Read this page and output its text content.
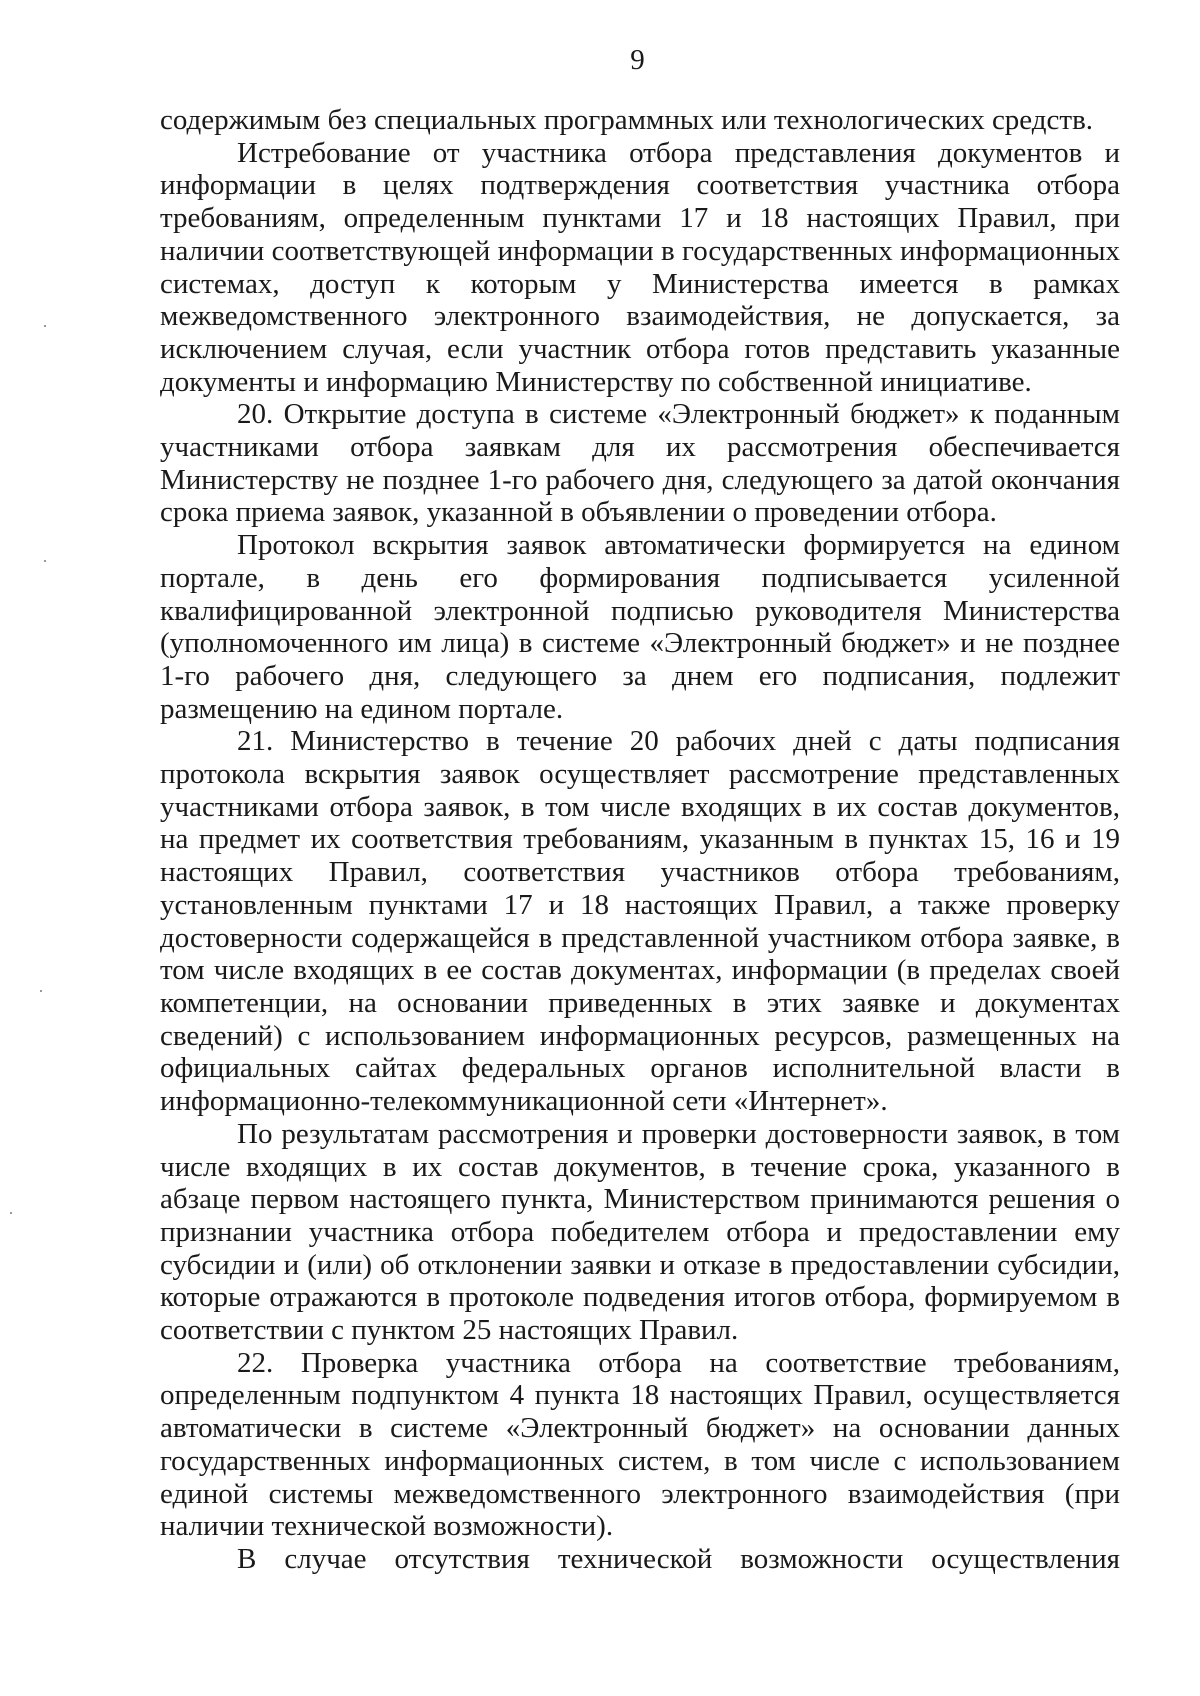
9

содержимым без специальных программных или технологических средств.

Истребование от участника отбора представления документов и информации в целях подтверждения соответствия участника отбора требованиям, определенным пунктами 17 и 18 настоящих Правил, при наличии соответствующей информации в государственных информационных системах, доступ к которым у Министерства имеется в рамках межведомственного электронного взаимодействия, не допускается, за исключением случая, если участник отбора готов представить указанные документы и информацию Министерству по собственной инициативе.

20. Открытие доступа в системе «Электронный бюджет» к поданным участниками отбора заявкам для их рассмотрения обеспечивается Министерству не позднее 1-го рабочего дня, следующего за датой окончания срока приема заявок, указанной в объявлении о проведении отбора.

Протокол вскрытия заявок автоматически формируется на едином портале, в день его формирования подписывается усиленной квалифицированной электронной подписью руководителя Министерства (уполномоченного им лица) в системе «Электронный бюджет» и не позднее 1-го рабочего дня, следующего за днем его подписания, подлежит размещению на едином портале.

21. Министерство в течение 20 рабочих дней с даты подписания протокола вскрытия заявок осуществляет рассмотрение представленных участниками отбора заявок, в том числе входящих в их состав документов, на предмет их соответствия требованиям, указанным в пунктах 15, 16 и 19 настоящих Правил, соответствия участников отбора требованиям, установленным пунктами 17 и 18 настоящих Правил, а также проверку достоверности содержащейся в представленной участником отбора заявке, в том числе входящих в ее состав документах, информации (в пределах своей компетенции, на основании приведенных в этих заявке и документах сведений) с использованием информационных ресурсов, размещенных на официальных сайтах федеральных органов исполнительной власти в информационно-телекоммуникационной сети «Интернет».

По результатам рассмотрения и проверки достоверности заявок, в том числе входящих в их состав документов, в течение срока, указанного в абзаце первом настоящего пункта, Министерством принимаются решения о признании участника отбора победителем отбора и предоставлении ему субсидии и (или) об отклонении заявки и отказе в предоставлении субсидии, которые отражаются в протоколе подведения итогов отбора, формируемом в соответствии с пунктом 25 настоящих Правил.

22. Проверка участника отбора на соответствие требованиям, определенным подпунктом 4 пункта 18 настоящих Правил, осуществляется автоматически в системе «Электронный бюджет» на основании данных государственных информационных систем, в том числе с использованием единой системы межведомственного электронного взаимодействия (при наличии технической возможности).

В случае отсутствия технической возможности осуществления
